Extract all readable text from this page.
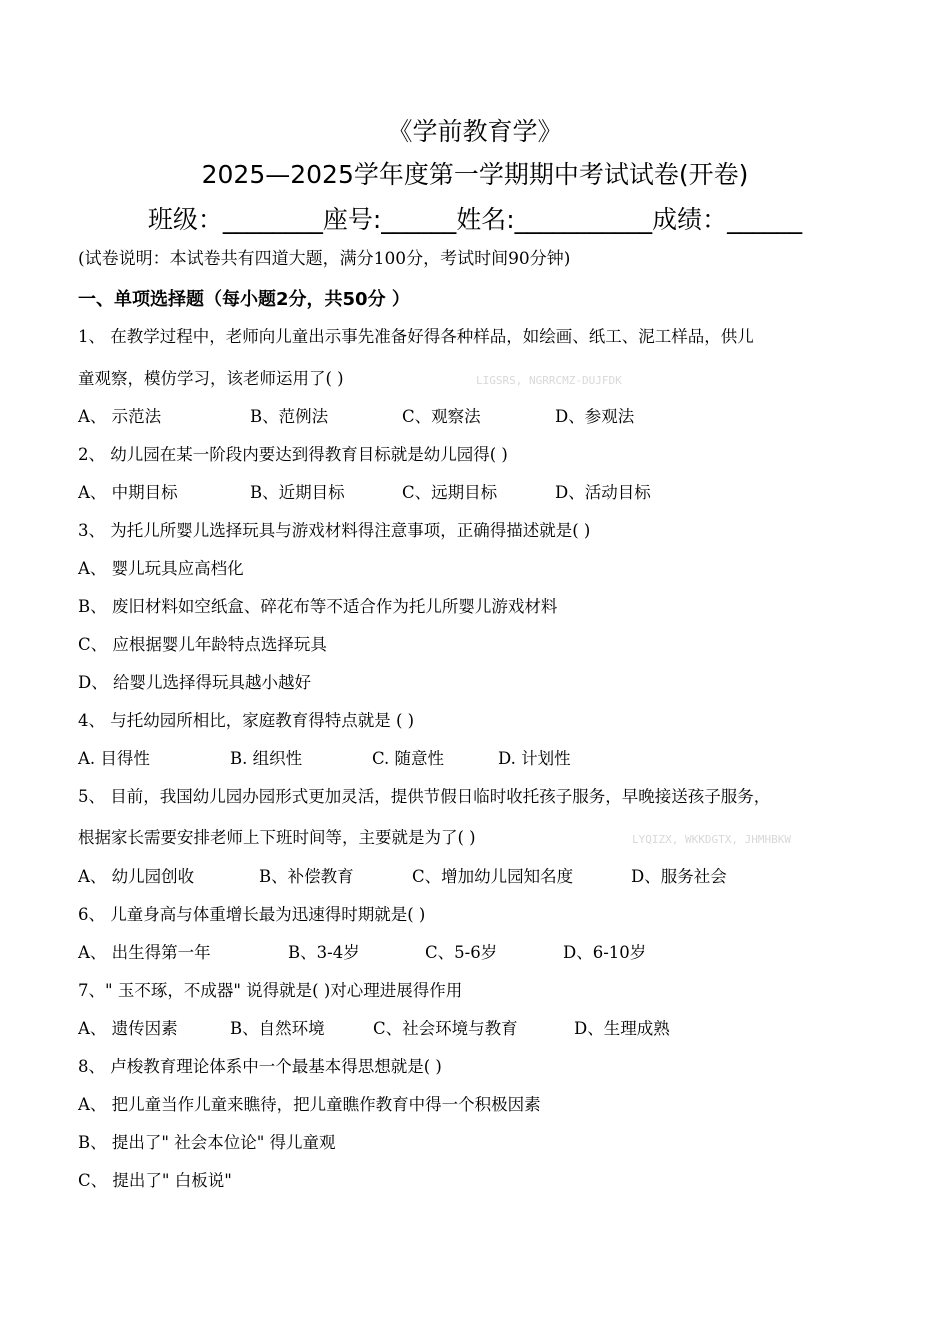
《学前教育学》
2025—2025学年度第一学期期中考试试卷(开卷)
班级：________座号:______姓名:___________成绩：______
(试卷说明：本试卷共有四道大题，满分100分，考试时间90分钟)
一、单项选择题（每小题2分，共50分 ）
1、 在教学过程中，老师向儿童出示事先准备好得各种样品，如绘画、纸工、泥工样品，供儿
童观察，模仿学习，该老师运用了( )	LIGSRS, NGRRCMZ-DUJFDK
A、 示范法	B、范例法	C、观察法	D、参观法
2、 幼儿园在某一阶段内要达到得教育目标就是幼儿园得( )
A、 中期目标	B、近期目标	C、远期目标	D、活动目标
3、 为托儿所婴儿选择玩具与游戏材料得注意事项，正确得描述就是( )
A、 婴儿玩具应高档化
B、 废旧材料如空纸盒、碎花布等不适合作为托儿所婴儿游戏材料
C、 应根据婴儿年龄特点选择玩具
D、 给婴儿选择得玩具越小越好
4、 与托幼园所相比，家庭教育得特点就是 ( )
A. 目得性	B. 组织性	C. 随意性	D. 计划性
5、 目前，我国幼儿园办园形式更加灵活，提供节假日临时收托孩子服务，早晚接送孩子服务，
根据家长需要安排老师上下班时间等，主要就是为了( )	LYQIZX, WKKDGTX, JHMHBKW
A、 幼儿园创收	B、补偿教育	C、增加幼儿园知名度	D、服务社会
6、 儿童身高与体重增长最为迅速得时期就是( )
A、 出生得第一年	B、3-4岁	C、5-6岁	D、6-10岁
7、" 玉不琢，不成器" 说得就是( )对心理进展得作用
A、 遗传因素	B、自然环境	C、社会环境与教育	D、生理成熟
8、 卢梭教育理论体系中一个最基本得思想就是( )
A、 把儿童当作儿童来瞧待，把儿童瞧作教育中得一个积极因素
B、 提出了" 社会本位论" 得儿童观
C、 提出了" 白板说"
